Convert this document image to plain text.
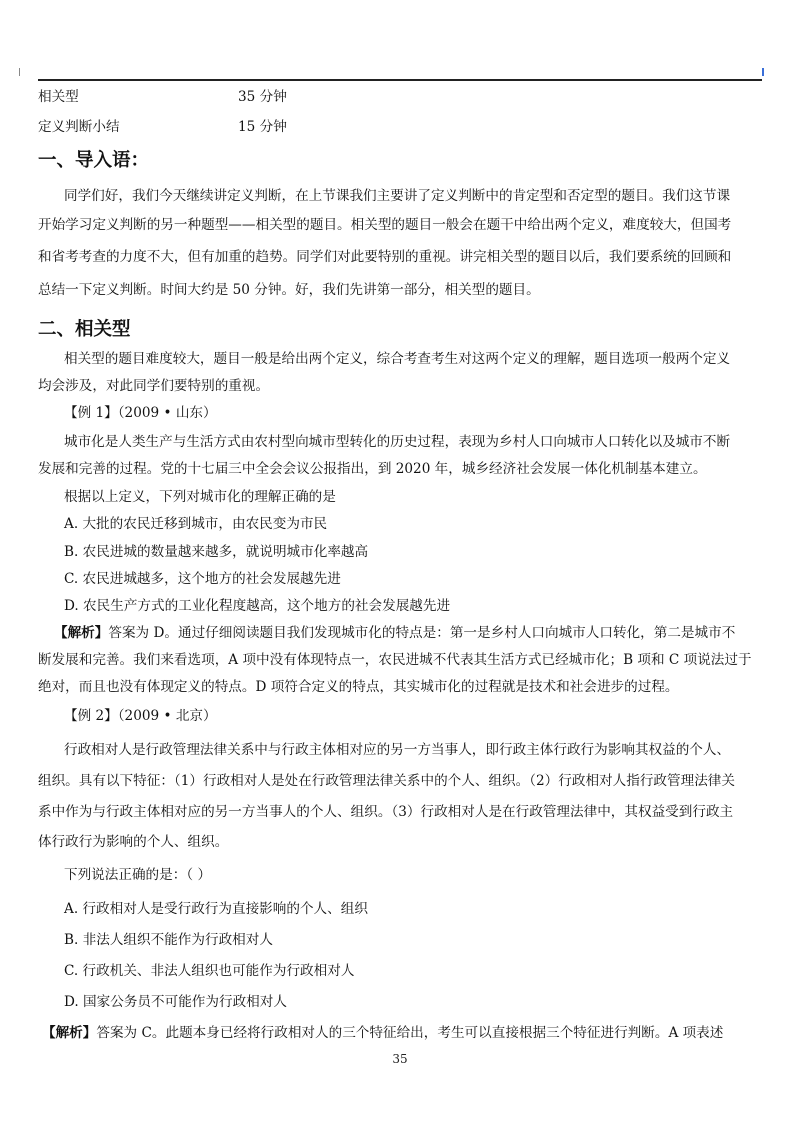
相关型	35 分钟
定义判断小结	15 分钟
一、导入语：
同学们好，我们今天继续讲定义判断，在上节课我们主要讲了定义判断中的肯定型和否定型的题目。我们这节课
开始学习定义判断的另一种题型——相关型的题目。相关型的题目一般会在题干中给出两个定义，难度较大，但国考
和省考考查的力度不大，但有加重的趋势。同学们对此要特别的重视。讲完相关型的题目以后，我们要系统的回顾和
总结一下定义判断。时间大约是 50 分钟。好，我们先讲第一部分，相关型的题目。
二、相关型
相关型的题目难度较大，题目一般是给出两个定义，综合考查考生对这两个定义的理解，题目选项一般两个定义
均会涉及，对此同学们要特别的重视。
【例 1】（2009 • 山东）
城市化是人类生产与生活方式由农村型向城市型转化的历史过程，表现为乡村人口向城市人口转化以及城市不断
发展和完善的过程。党的十七届三中全会会议公报指出，到 2020 年，城乡经济社会发展一体化机制基本建立。
根据以上定义，下列对城市化的理解正确的是
A. 大批的农民迁移到城市，由农民变为市民
B. 农民进城的数量越来越多，就说明城市化率越高
C. 农民进城越多，这个地方的社会发展越先进
D. 农民生产方式的工业化程度越高，这个地方的社会发展越先进
【解析】答案为 D。通过仔细阅读题目我们发现城市化的特点是：第一是乡村人口向城市人口转化，第二是城市不
断发展和完善。我们来看选项，A 项中没有体现特点一，农民进城不代表其生活方式已经城市化；B 项和 C 项说法过于
绝对，而且也没有体现定义的特点。D 项符合定义的特点，其实城市化的过程就是技术和社会进步的过程。
【例 2】（2009 • 北京）
行政相对人是行政管理法律关系中与行政主体相对应的另一方当事人，即行政主体行政行为影响其权益的个人、
组织。具有以下特征：（1）行政相对人是处在行政管理法律关系中的个人、组织。（2）行政相对人指行政管理法律关
系中作为与行政主体相对应的另一方当事人的个人、组织。（3）行政相对人是在行政管理法律中，其权益受到行政主
体行政行为影响的个人、组织。
下列说法正确的是：（ ）
A. 行政相对人是受行政行为直接影响的个人、组织
B. 非法人组织不能作为行政相对人
C. 行政机关、非法人组织也可能作为行政相对人
D. 国家公务员不可能作为行政相对人
【解析】答案为 C。此题本身已经将行政相对人的三个特征给出，考生可以直接根据三个特征进行判断。A 项表述
35
